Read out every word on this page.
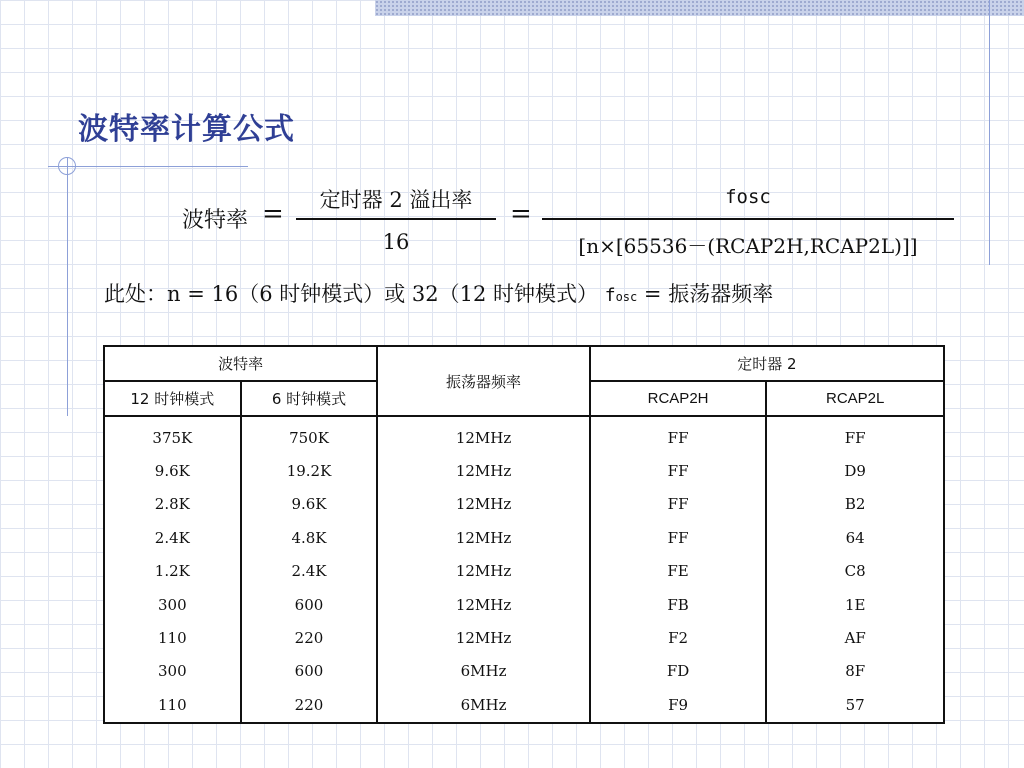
波特率计算公式
波特率 =	定时器 2 溢出率
16
=
fosc
[n×[65536－(RCAP2H,RCAP2L)]]
此处：n = 16（6 时钟模式）或 32（12 时钟模式） fosc = 振荡器频率
波特率		振荡器频率	定时器 2	
12 时钟模式	6 时钟模式		RCAP2H	RCAP2L
375K	750K	12MHz	FF	FF
9.6K	19.2K	12MHz	FF	D9
2.8K	9.6K	12MHz	FF	B2
2.4K	4.8K	12MHz	FF	64
1.2K	2.4K	12MHz	FE	C8
300	600	12MHz	FB	1E
110	220	12MHz	F2	AF
300	600	6MHz	FD	8F
110	220	6MHz	F9	57
